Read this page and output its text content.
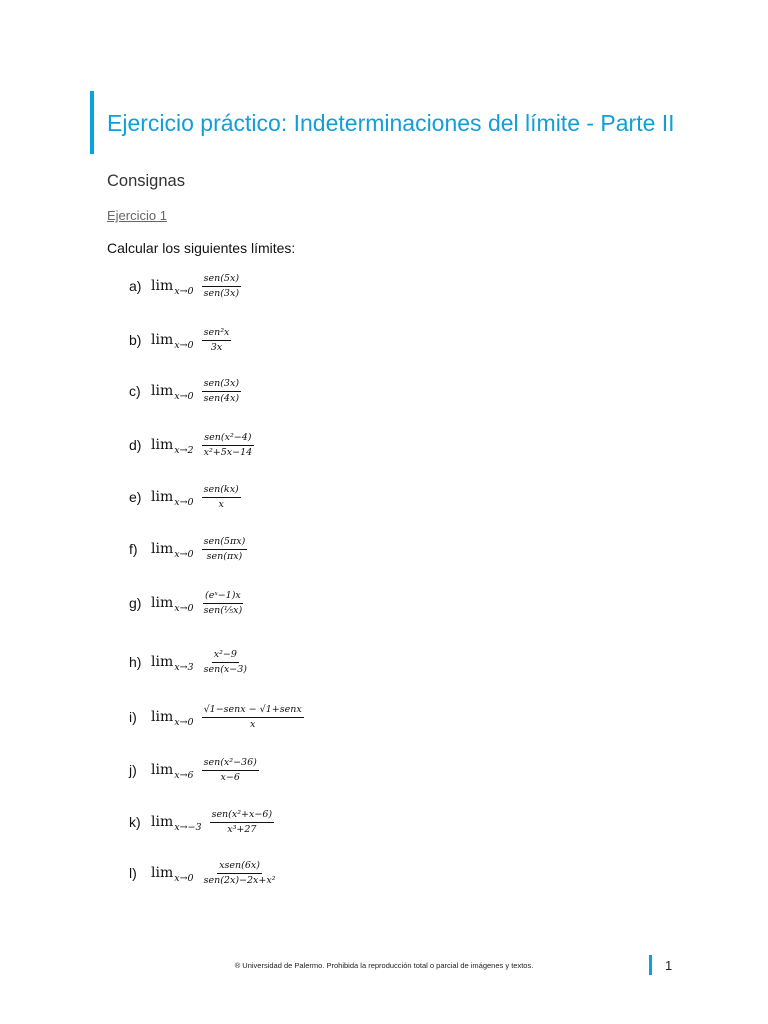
Ejercicio práctico: Indeterminaciones del límite - Parte II
Consignas
Ejercicio 1
Calcular los siguientes límites:
a) $\lim x\to 0 \frac{\text{sen(5x)}}{\text{sen(3x)}}$
b) $\lim x\to 0 \frac{\text{sen²x}}{3x}$
c) $\lim x\to 0 \frac{\text{sen(3x)}}{\text{sen(4x)}}$
d) $\lim x\to 2 \frac{\text{sen(x²−4)}}{\text{x²+5x−14}}$
e) $\lim x\to 0 \frac{\text{sen(kx)}}{x}$
f) $\lim x\to 0 \frac{\text{sen(5πx)}}{\text{sen(πx)}}$
g) $\lim x\to 0 \frac{\text{(eˣ−1)x}}{\text{sen(⅕x)}}$
h) $\lim x\to 3 \frac{\text{x²−9}}{\text{sen(x−3)}}$
i)	$\lim x\to 0 \frac{\text{√1−senx − √1+senx}}{x}$
j)	$\lim x\to 6 \frac{\text{sen(x²−36)}}{x-6}$
k) $\lim x\to-3 \frac{\text{sen(x²+x−6)}}{\text{x³+27}}$
l)	$\lim x\to 0 \frac{\text{xsen(6x)}}{\text{sen(2x)−2x+x²}}$
® Universidad de Palermo. Prohibida la reproducción total o parcial de imágenes y textos.	1
